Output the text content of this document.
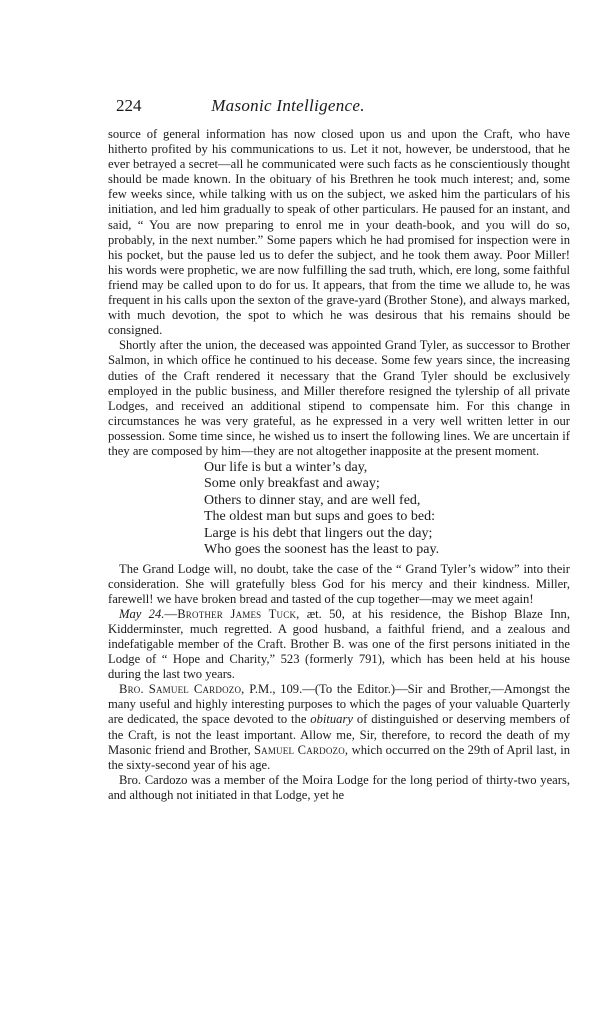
224	Masonic Intelligence.

source of general information has now closed upon us and upon the Craft, who have hitherto profited by his communications to us. Let it not, however, be understood, that he ever betrayed a secret—all he communicated were such facts as he conscientiously thought should be made known. In the obituary of his Brethren he took much interest; and, some few weeks since, while talking with us on the subject, we asked him the particulars of his initiation, and led him gradually to speak of other particulars. He paused for an instant, and said, “ You are now preparing to enrol me in your death-book, and you will do so, probably, in the next number.” Some papers which he had promised for inspection were in his pocket, but the pause led us to defer the subject, and he took them away. Poor Miller! his words were prophetic, we are now fulfilling the sad truth, which, ere long, some faithful friend may be called upon to do for us. It appears, that from the time we allude to, he was frequent in his calls upon the sexton of the grave-yard (Brother Stone), and always marked, with much devotion, the spot to which he was desirous that his remains should be consigned.

Shortly after the union, the deceased was appointed Grand Tyler, as successor to Brother Salmon, in which office he continued to his decease. Some few years since, the increasing duties of the Craft rendered it necessary that the Grand Tyler should be exclusively employed in the public business, and Miller therefore resigned the tylership of all private Lodges, and received an additional stipend to compensate him. For this change in circumstances he was very grateful, as he expressed in a very well written letter in our possession. Some time since, he wished us to insert the following lines. We are uncertain if they are composed by him—they are not altogether inapposite at the present moment.

Our life is but a winter’s day,
Some only breakfast and away;
Others to dinner stay, and are well fed,
The oldest man but sups and goes to bed:
Large is his debt that lingers out the day;
Who goes the soonest has the least to pay.

The Grand Lodge will, no doubt, take the case of the “ Grand Tyler’s widow” into their consideration. She will gratefully bless God for his mercy and their kindness. Miller, farewell! we have broken bread and tasted of the cup together—may we meet again!

May 24.—Brother James Tuck, æt. 50, at his residence, the Bishop Blaze Inn, Kidderminster, much regretted. A good husband, a faithful friend, and a zealous and indefatigable member of the Craft. Brother B. was one of the first persons initiated in the Lodge of “ Hope and Charity,” 523 (formerly 791), which has been held at his house during the last two years.

Bro. Samuel Cardozo, P.M., 109.—(To the Editor.)—Sir and Brother,—Amongst the many useful and highly interesting purposes to which the pages of your valuable Quarterly are dedicated, the space devoted to the obituary of distinguished or deserving members of the Craft, is not the least important. Allow me, Sir, therefore, to record the death of my Masonic friend and Brother, Samuel Cardozo, which occurred on the 29th of April last, in the sixty-second year of his age.

Bro. Cardozo was a member of the Moira Lodge for the long period of thirty-two years, and although not initiated in that Lodge, yet he
